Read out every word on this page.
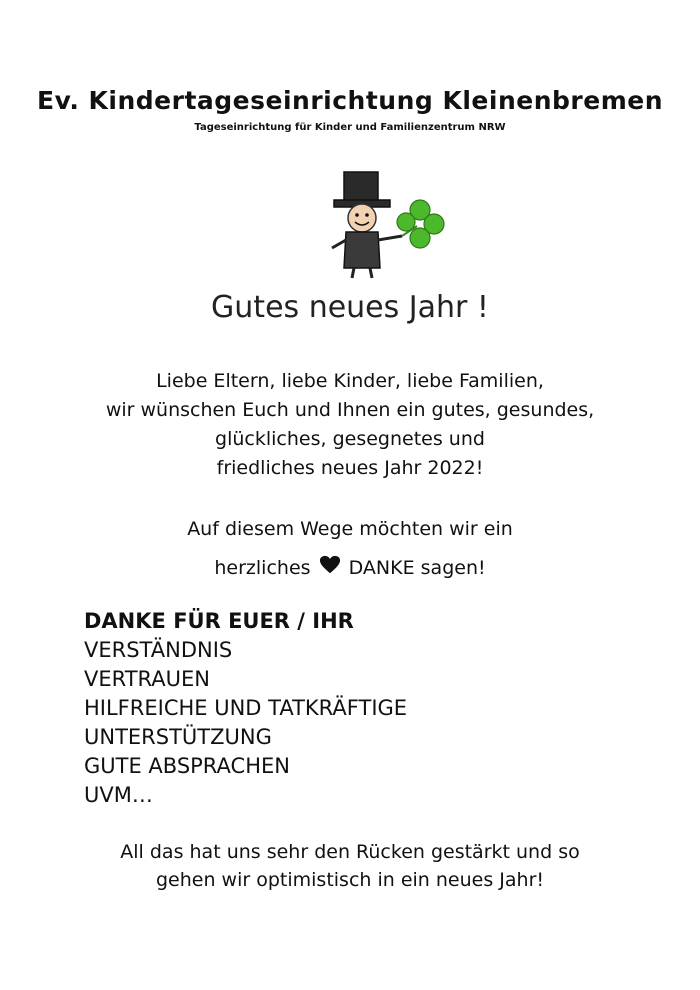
Ev. Kindertageseinrichtung Kleinenbremen
Tageseinrichtung für Kinder und Familienzentrum NRW
Gutes neues Jahr !
Liebe Eltern, liebe Kinder, liebe Familien,
wir wünschen Euch und Ihnen ein gutes, gesundes,
glückliches, gesegnetes und
friedliches neues Jahr 2022!
Auf diesem Wege möchten wir ein
herzliches DANKE sagen!
DANKE FÜR EUER / IHR
VERSTÄNDNIS
VERTRAUEN
HILFREICHE UND TATKRÄFTIGE
UNTERSTÜTZUNG
GUTE ABSPRACHEN
UVM…
All das hat uns sehr den Rücken gestärkt und so
gehen wir optimistisch in ein neues Jahr!
